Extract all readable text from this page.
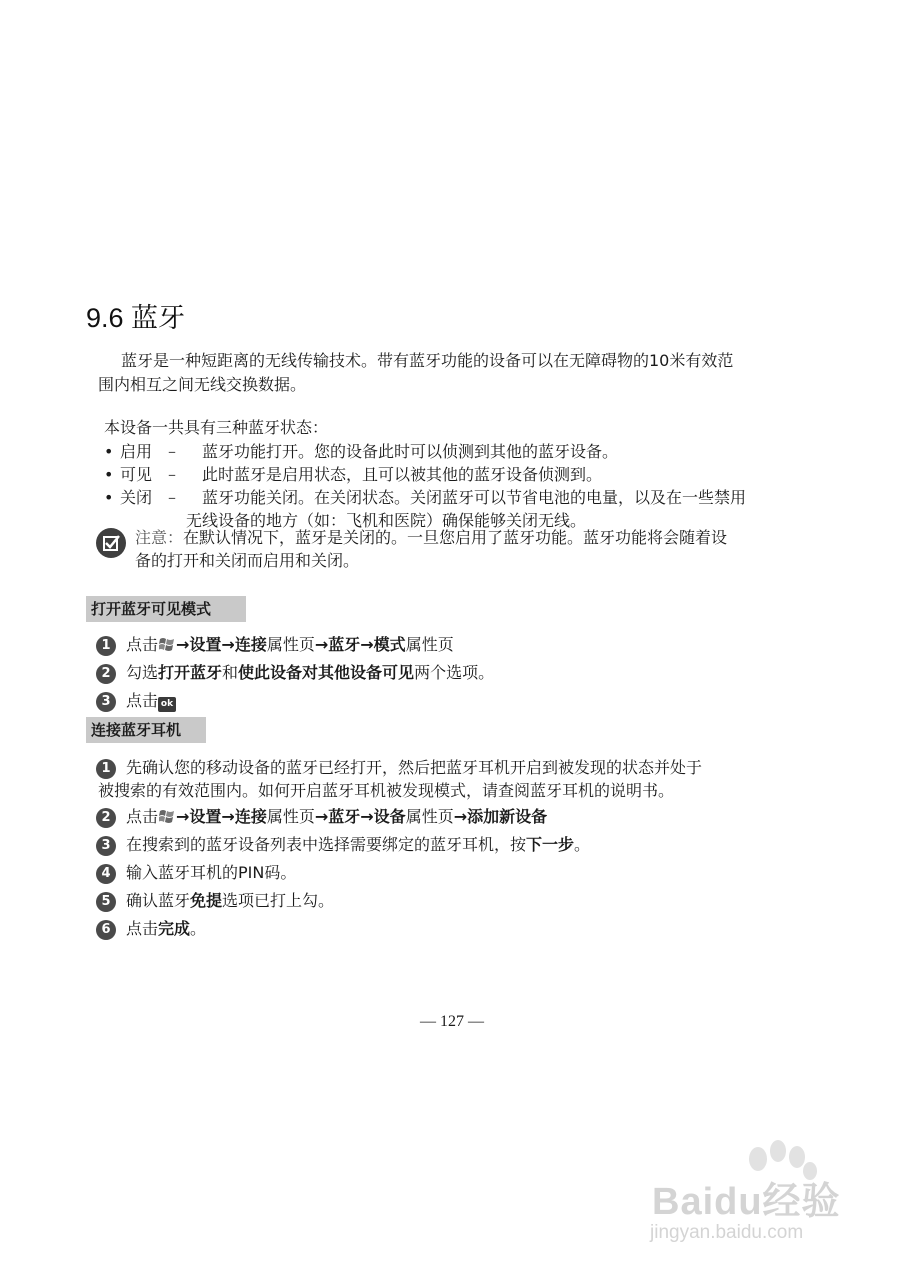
9.6 蓝牙
蓝牙是一种短距离的无线传输技术。带有蓝牙功能的设备可以在无障碍物的10米有效范
围内相互之间无线交换数据。
本设备一共具有三种蓝牙状态：
• 启用 – 蓝牙功能打开。您的设备此时可以侦测到其他的蓝牙设备。
• 可见 – 此时蓝牙是启用状态，且可以被其他的蓝牙设备侦测到。
• 关闭 – 蓝牙功能关闭。在关闭状态。关闭蓝牙可以节省电池的电量，以及在一些禁用
无线设备的地方（如：飞机和医院）确保能够关闭无线。
注意：在默认情况下，蓝牙是关闭的。一旦您启用了蓝牙功能。蓝牙功能将会随着设
备的打开和关闭而启用和关闭。
打开蓝牙可见模式
1 点击 →设置→连接属性页→蓝牙→模式属性页
2 勾选打开蓝牙和使此设备对其他设备可见两个选项。
3 点击 ok
连接蓝牙耳机
1 先确认您的移动设备的蓝牙已经打开，然后把蓝牙耳机开启到被发现的状态并处于
被搜索的有效范围内。如何开启蓝牙耳机被发现模式，请查阅蓝牙耳机的说明书。
2 点击 →设置→连接属性页→蓝牙→设备属性页→添加新设备
3 在搜索到的蓝牙设备列表中选择需要绑定的蓝牙耳机，按下一步。
4 输入蓝牙耳机的PIN码。
5 确认蓝牙免提选项已打上勾。
6 点击完成。
— 127 —
Baidu经验
jingyan.baidu.com
